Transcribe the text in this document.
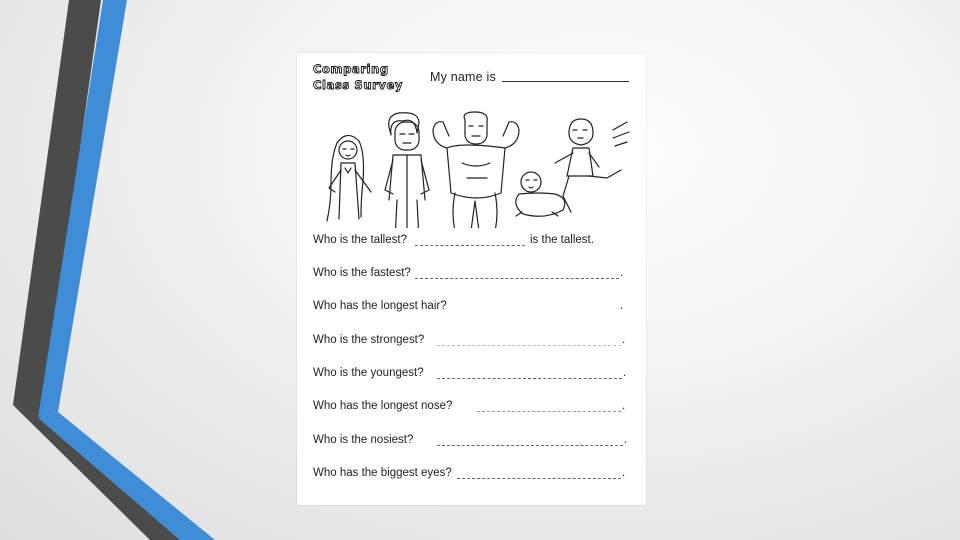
Comparing
Class Survey
My name is
Who is the tallest?	is the tallest.
Who is the fastest?	.
Who has the longest hair?	.
Who is the strongest?	.
Who is the youngest?	.
Who has the longest nose?	.
Who is the nosiest?	.
Who has the biggest eyes?	.
